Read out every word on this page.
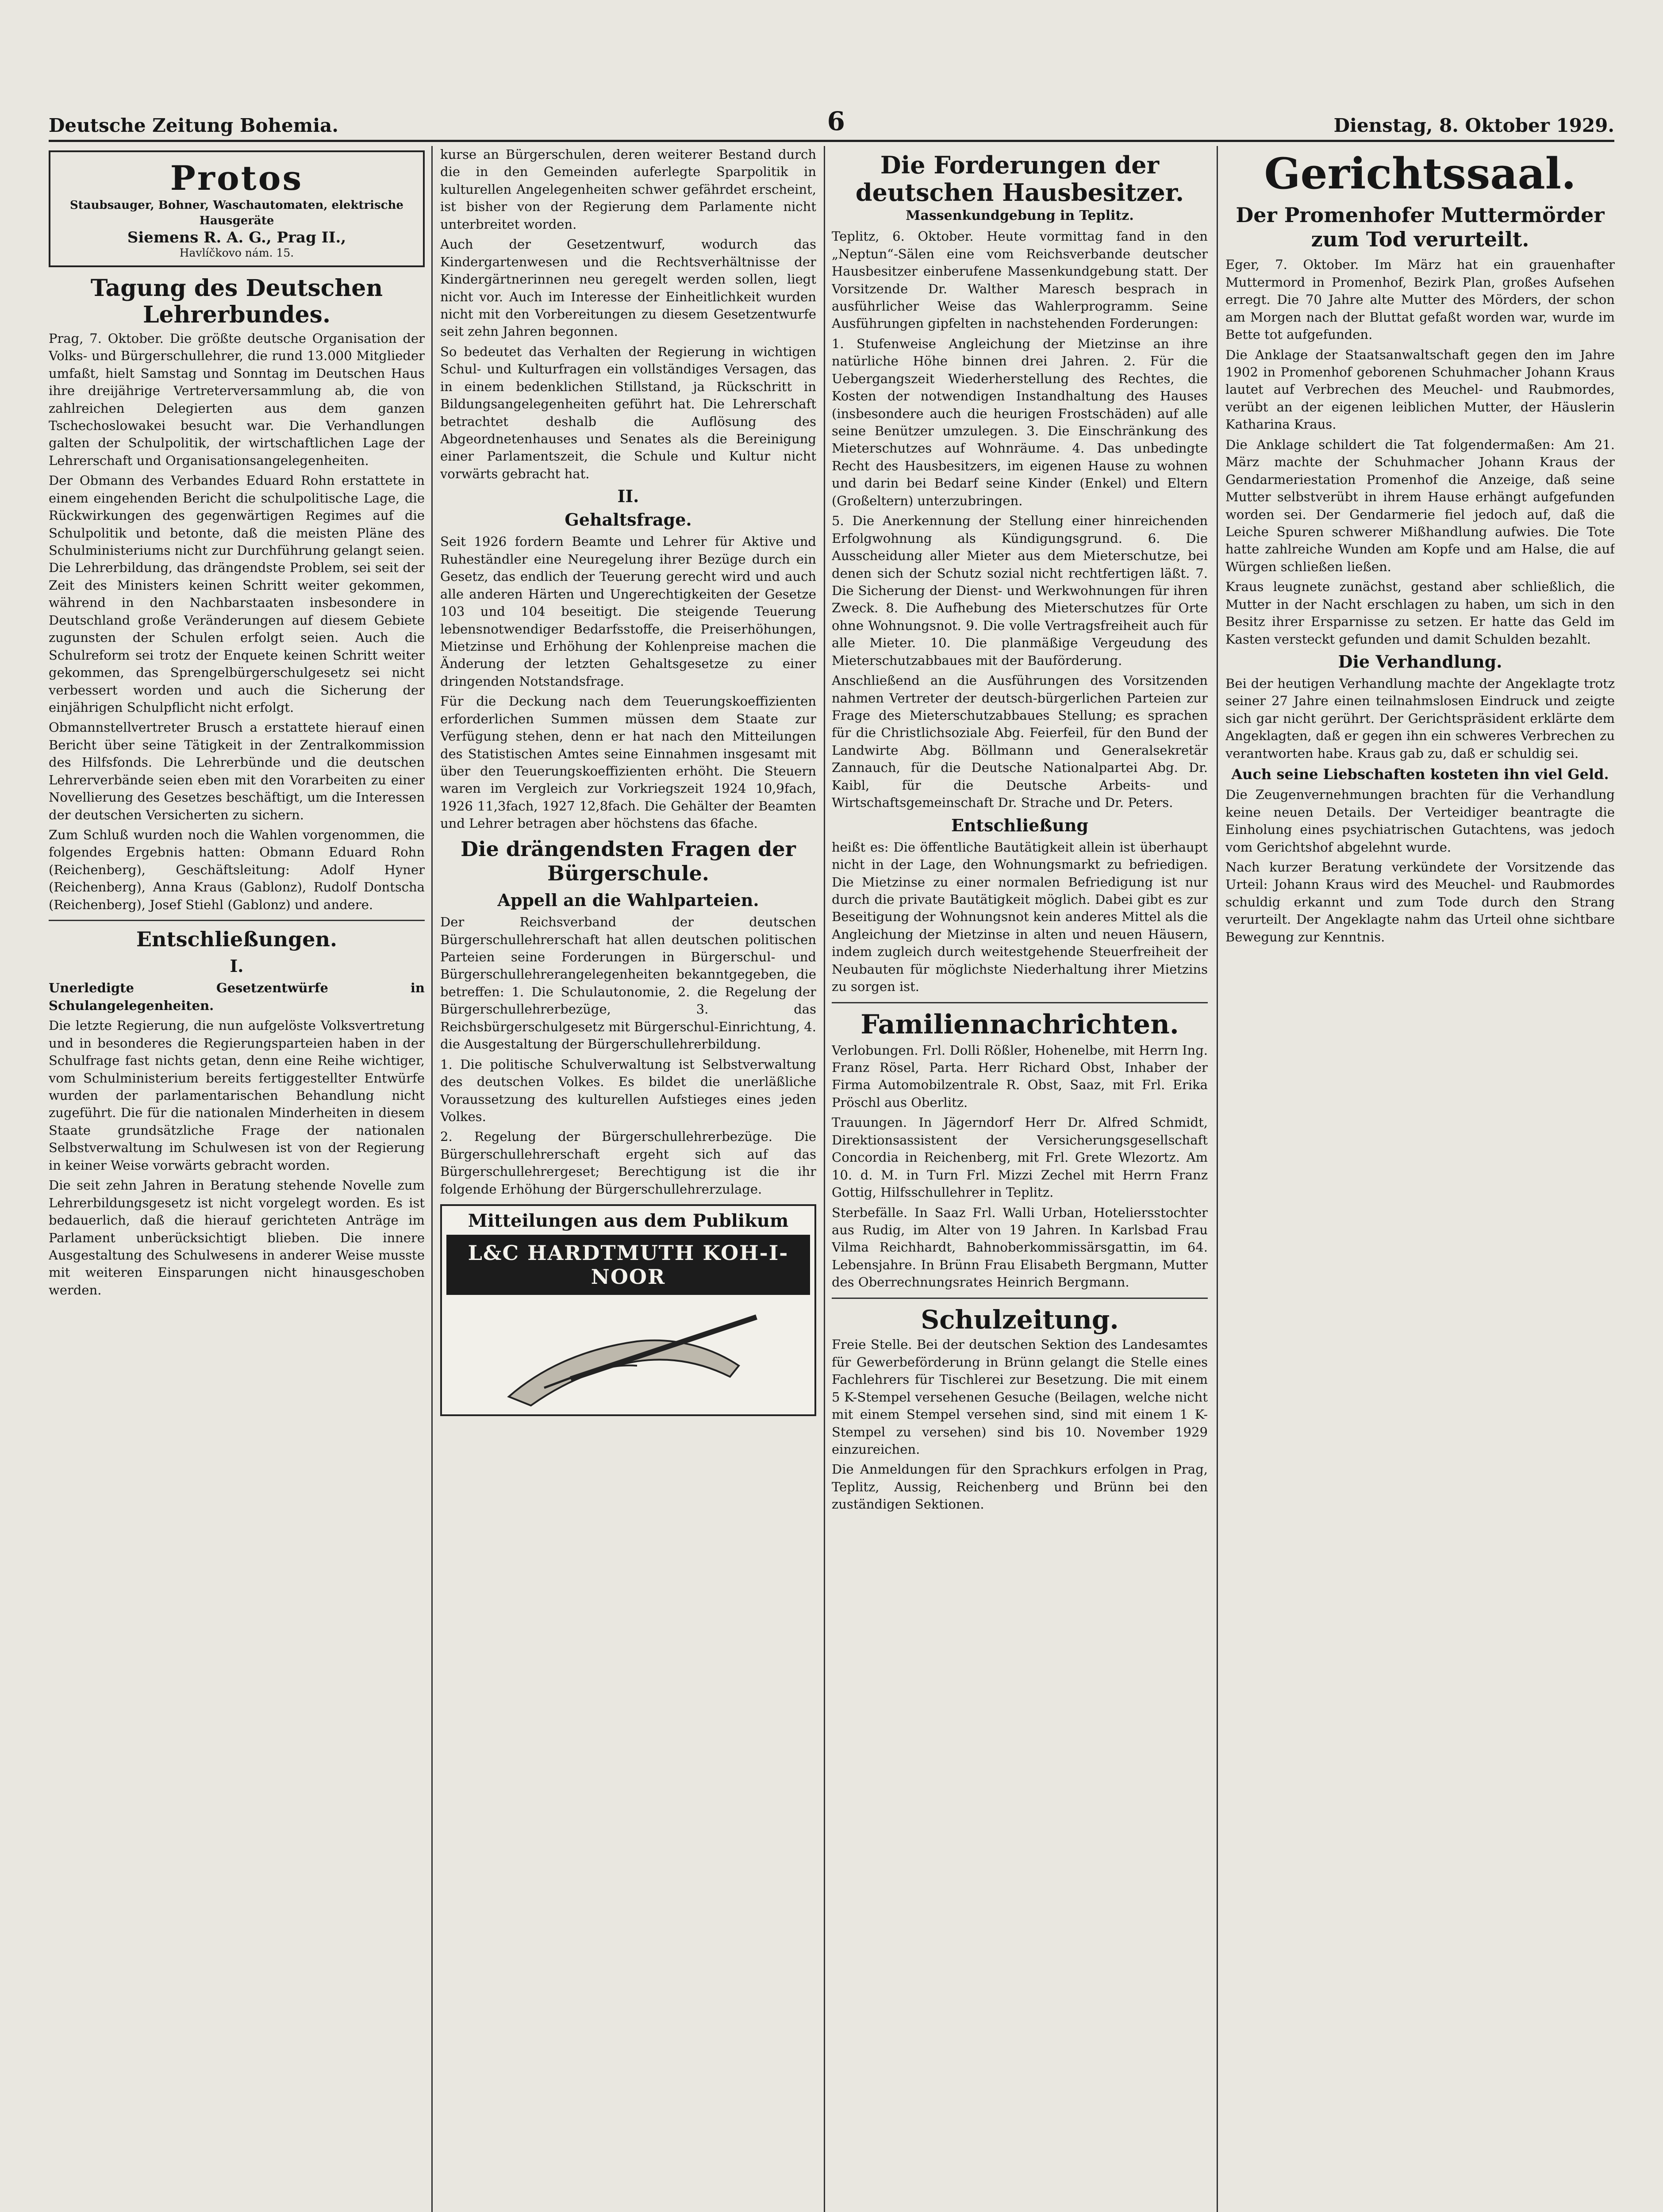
Deutsche Zeitung Bohemia.	6	Dienstag, 8. Oktober 1929.
Protos
Staubsauger, Bohner, Waschautomaten, elektrische Hausgeräte
Siemens R. A. G., Prag II.,
Havlíčkovo nám. 15.
Tagung des Deutschen Lehrerbundes.

Prag, 7. Oktober. Die größte deutsche Organisation der Volks- und Bürgerschullehrer, die rund 13.000 Mitglieder umfaßt, hielt Samstag und Sonntag im Deutschen Haus ihre dreijährige Vertreterversammlung ab, die von zahlreichen Delegierten aus dem ganzen Tschechoslowakei besucht war. Die Verhandlungen galten der Schulpolitik, der wirtschaftlichen Lage der Lehrerschaft und Organisationsangelegenheiten.

Der Obmann des Verbandes Eduard Rohn erstattete in einem eingehenden Bericht die schulpolitische Lage, die Rückwirkungen des gegenwärtigen Regimes auf die Schulpolitik und betonte, daß die meisten Pläne des Schulministeriums nicht zur Durchführung gelangt seien. Die Lehrerbildung, das drängendste Problem, sei seit der Zeit des Ministers keinen Schritt weiter gekommen, während in den Nachbarstaaten insbesondere in Deutschland große Veränderungen auf diesem Gebiete zugunsten der Schulen erfolgt seien. Auch die Schulreform sei trotz der Enquete keinen Schritt weiter gekommen, das Sprengelbürgerschulgesetz sei nicht verbessert worden und auch die Sicherung der einjährigen Schulpflicht nicht erfolgt.

Obmannstellvertreter Brusch a erstattete hierauf einen Bericht über seine Tätigkeit in der Zentralkommission des Hilfsfonds. Die Lehrerbünde und die deutschen Lehrerverbände seien eben mit den Vorarbeiten zu einer Novellierung des Gesetzes beschäftigt, um die Interessen der deutschen Versicherten zu sichern.

Zum Schluß wurden noch die Wahlen vorgenommen, die folgendes Ergebnis hatten: Obmann Eduard Rohn (Reichenberg), Geschäftsleitung: Adolf Hyner (Reichenberg), Anna Kraus (Gablonz), Rudolf Dontscha (Reichenberg), Josef Stiehl (Gablonz) und andere.

Entschließungen.
I.

Unerledigte Gesetzentwürfe in Schulangelegenheiten.

Die letzte Regierung, die nun aufgelöste Volksvertretung und in besonderes die Regierungsparteien haben in der Schulfrage fast nichts getan, denn eine Reihe wichtiger, vom Schulministerium bereits fertiggestellter Entwürfe wurden der parlamentarischen Behandlung nicht zugeführt. Die für die nationalen Minderheiten in diesem Staate grundsätzliche Frage der nationalen Selbstverwaltung im Schulwesen ist von der Regierung in keiner Weise vorwärts gebracht worden.

Die seit zehn Jahren in Beratung stehende Novelle zum Lehrerbildungsgesetz ist nicht vorgelegt worden. Es ist bedauerlich, daß die hierauf gerichteten Anträge im Parlament unberücksichtigt blieben. Die innere Ausgestaltung des Schulwesens in anderer Weise musste mit weiteren Einsparungen nicht hinausgeschoben werden.

kurse an Bürgerschulen, deren weiterer Bestand durch die in den Gemeinden auferlegte Sparpolitik in kulturellen Angelegenheiten schwer gefährdet erscheint, ist bisher von der Regierung dem Parlamente nicht unterbreitet worden.

Auch der Gesetzentwurf, wodurch das Kindergartenwesen und die Rechtsverhältnisse der Kindergärtnerinnen neu geregelt werden sollen, liegt nicht vor. Auch im Interesse der Einheitlichkeit wurden nicht mit den Vorbereitungen zu diesem Gesetzentwurfe seit zehn Jahren begonnen.

So bedeutet das Verhalten der Regierung in wichtigen Schul- und Kulturfragen ein vollständiges Versagen, das in einem bedenklichen Stillstand, ja Rückschritt in Bildungsangelegenheiten geführt hat. Die Lehrerschaft betrachtet deshalb die Auflösung des Abgeordnetenhauses und Senates als die Bereinigung einer Parlamentszeit, die Schule und Kultur nicht vorwärts gebracht hat.

II.
Gehaltsfrage.

Seit 1926 fordern Beamte und Lehrer für Aktive und Ruheständler eine Neuregelung ihrer Bezüge durch ein Gesetz, das endlich der Teuerung gerecht wird und auch alle anderen Härten und Ungerechtigkeiten der Gesetze 103 und 104 beseitigt. Die steigende Teuerung lebensnotwendiger Bedarfsstoffe, die Preiserhöhungen, Mietzinse und Erhöhung der Kohlenpreise machen die Änderung der letzten Gehaltsgesetze zu einer dringenden Notstandsfrage.

Für die Deckung nach dem Teuerungskoeffizienten erforderlichen Summen müssen dem Staate zur Verfügung stehen, denn er hat nach den Mitteilungen des Statistischen Amtes seine Einnahmen insgesamt mit über den Teuerungskoeffizienten erhöht. Die Steuern waren im Vergleich zur Vorkriegszeit 1924 10,9fach, 1926 11,3fach, 1927 12,8fach. Die Gehälter der Beamten und Lehrer betragen aber höchstens das 6fache.

Die drängendsten Fragen der Bürgerschule.
Appell an die Wahlparteien.

Der Reichsverband der deutschen Bürgerschullehrerschaft hat allen deutschen politischen Parteien seine Forderungen in Bürgerschul- und Bürgerschullehrerangelegenheiten bekanntgegeben, die betreffen: 1. Die Schulautonomie, 2. die Regelung der Bürgerschullehrerbezüge, 3. das Reichsbürgerschulgesetz mit Bürgerschul-Einrichtung, 4. die Ausgestaltung der Bürgerschullehrerbildung.

1. Die politische Schulverwaltung ist Selbstverwaltung des deutschen Volkes. Es bildet die unerläßliche Voraussetzung des kulturellen Aufstieges eines jeden Volkes.

2. Regelung der Bürgerschullehrerbezüge. Die Bürgerschullehrerschaft ergeht sich auf das Bürgerschullehrergeset; Berechtigung ist die ihr folgende Erhöhung der Bürgerschullehrerzulage.

Mitteilungen aus dem Publikum
L&C HARDTMUTH KOH-I-NOOR
Die Forderungen der deutschen Hausbesitzer.
Massenkundgebung in Teplitz.

Teplitz, 6. Oktober. Heute vormittag fand in den „Neptun“-Sälen eine vom Reichsverbande deutscher Hausbesitzer einberufene Massenkundgebung statt. Der Vorsitzende Dr. Walther Maresch besprach in ausführlicher Weise das Wahlerprogramm. Seine Ausführungen gipfelten in nachstehenden Forderungen:

1. Stufenweise Angleichung der Mietzinse an ihre natürliche Höhe binnen drei Jahren. 2. Für die Uebergangszeit Wiederherstellung des Rechtes, die Kosten der notwendigen Instandhaltung des Hauses (insbesondere auch die heurigen Frostschäden) auf alle seine Benützer umzulegen. 3. Die Einschränkung des Mieterschutzes auf Wohnräume. 4. Das unbedingte Recht des Hausbesitzers, im eigenen Hause zu wohnen und darin bei Bedarf seine Kinder (Enkel) und Eltern (Großeltern) unterzubringen.

5. Die Anerkennung der Stellung einer hinreichenden Erfolgwohnung als Kündigungsgrund. 6. Die Ausscheidung aller Mieter aus dem Mieterschutze, bei denen sich der Schutz sozial nicht rechtfertigen läßt. 7. Die Sicherung der Dienst- und Werkwohnungen für ihren Zweck. 8. Die Aufhebung des Mieterschutzes für Orte ohne Wohnungsnot. 9. Die volle Vertragsfreiheit auch für alle Mieter. 10. Die planmäßige Vergeudung des Mieterschutzabbaues mit der Bauförderung.

Anschließend an die Ausführungen des Vorsitzenden nahmen Vertreter der deutsch-bürgerlichen Parteien zur Frage des Mieterschutzabbaues Stellung; es sprachen für die Christlichsoziale Abg. Feierfeil, für den Bund der Landwirte Abg. Böllmann und Generalsekretär Zannauch, für die Deutsche Nationalpartei Abg. Dr. Kaibl, für die Deutsche Arbeits- und Wirtschaftsgemeinschaft Dr. Strache und Dr. Peters.

Entschließung

heißt es: Die öffentliche Bautätigkeit allein ist überhaupt nicht in der Lage, den Wohnungsmarkt zu befriedigen. Die Mietzinse zu einer normalen Befriedigung ist nur durch die private Bautätigkeit möglich. Dabei gibt es zur Beseitigung der Wohnungsnot kein anderes Mittel als die Angleichung der Mietzinse in alten und neuen Häusern, indem zugleich durch weitestgehende Steuerfreiheit der Neubauten für möglichste Niederhaltung ihrer Mietzins zu sorgen ist.

Familiennachrichten.

Verlobungen. Frl. Dolli Rößler, Hohenelbe, mit Herrn Ing. Franz Rösel, Parta. Herr Richard Obst, Inhaber der Firma Automobilzentrale R. Obst, Saaz, mit Frl. Erika Pröschl aus Oberlitz.

Trauungen. In Jägerndorf Herr Dr. Alfred Schmidt, Direktionsassistent der Versicherungsgesellschaft Concordia in Reichenberg, mit Frl. Grete Wlezortz. Am 10. d. M. in Turn Frl. Mizzi Zechel mit Herrn Franz Gottig, Hilfsschullehrer in Teplitz.

Sterbefälle. In Saaz Frl. Walli Urban, Hoteliersstochter aus Rudig, im Alter von 19 Jahren. In Karlsbad Frau Vilma Reichhardt, Bahnoberkommissärsgattin, im 64. Lebensjahre. In Brünn Frau Elisabeth Bergmann, Mutter des Oberrechnungsrates Heinrich Bergmann.

Schulzeitung.

Freie Stelle. Bei der deutschen Sektion des Landesamtes für Gewerbeförderung in Brünn gelangt die Stelle eines Fachlehrers für Tischlerei zur Besetzung. Die mit einem 5 K-Stempel versehenen Gesuche (Beilagen, welche nicht mit einem Stempel versehen sind, sind mit einem 1 K-Stempel zu versehen) sind bis 10. November 1929 einzureichen.

Die Anmeldungen für den Sprachkurs erfolgen in Prag, Teplitz, Aussig, Reichenberg und Brünn bei den zuständigen Sektionen.

Gerichtssaal.
Der Promenhofer Muttermörder zum Tod verurteilt.

Eger, 7. Oktober. Im März hat ein grauenhafter Muttermord in Promenhof, Bezirk Plan, großes Aufsehen erregt. Die 70 Jahre alte Mutter des Mörders, der schon am Morgen nach der Bluttat gefaßt worden war, wurde im Bette tot aufgefunden.

Die Anklage der Staatsanwaltschaft gegen den im Jahre 1902 in Promenhof geborenen Schuhmacher Johann Kraus lautet auf Verbrechen des Meuchel- und Raubmordes, verübt an der eigenen leiblichen Mutter, der Häuslerin Katharina Kraus.

Die Anklage schildert die Tat folgendermaßen: Am 21. März machte der Schuhmacher Johann Kraus der Gendarmeriestation Promenhof die Anzeige, daß seine Mutter selbstverübt in ihrem Hause erhängt aufgefunden worden sei. Der Gendarmerie fiel jedoch auf, daß die Leiche Spuren schwerer Mißhandlung aufwies. Die Tote hatte zahlreiche Wunden am Kopfe und am Halse, die auf Würgen schließen ließen.

Kraus leugnete zunächst, gestand aber schließlich, die Mutter in der Nacht erschlagen zu haben, um sich in den Besitz ihrer Ersparnisse zu setzen. Er hatte das Geld im Kasten versteckt gefunden und damit Schulden bezahlt.

Die Verhandlung.

Bei der heutigen Verhandlung machte der Angeklagte trotz seiner 27 Jahre einen teilnahmslosen Eindruck und zeigte sich gar nicht gerührt. Der Gerichtspräsident erklärte dem Angeklagten, daß er gegen ihn ein schweres Verbrechen zu verantworten habe. Kraus gab zu, daß er schuldig sei.

Auch seine Liebschaften kosteten ihn viel Geld.

Die Zeugenvernehmungen brachten für die Verhandlung keine neuen Details. Der Verteidiger beantragte die Einholung eines psychiatrischen Gutachtens, was jedoch vom Gerichtshof abgelehnt wurde.

Nach kurzer Beratung verkündete der Vorsitzende das Urteil: Johann Kraus wird des Meuchel- und Raubmordes schuldig erkannt und zum Tode durch den Strang verurteilt. Der Angeklagte nahm das Urteil ohne sichtbare Bewegung zur Kenntnis.
